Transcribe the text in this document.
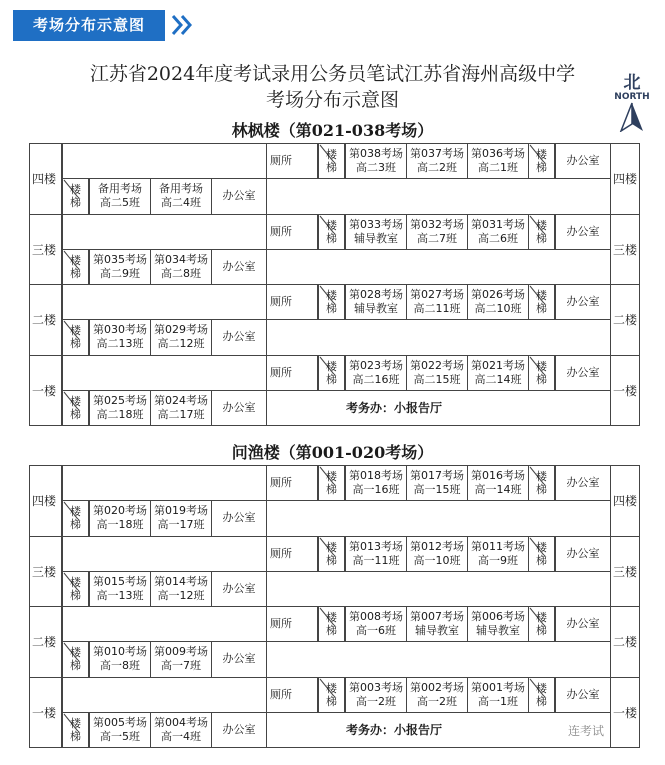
考场分布示意图
江苏省2024年度考试录用公务员笔试江苏省海州高级中学
考场分布示意图
北
NORTH
林枫楼（第021-038考场）
四楼	四楼
厕所	楼
梯
第038考场
高二3班
第037考场
高二2班
第036考场
高二1班
楼
梯
办公室
楼
梯
备用考场
高二5班
备用考场
高二4班
办公室
三楼	三楼
厕所	楼
梯
第033考场
辅导教室
第032考场
高二7班
第031考场
高二6班
楼
梯
办公室
楼
梯
第035考场
高二9班
第034考场
高二8班
办公室
二楼	二楼
厕所	楼
梯
第028考场
辅导教室
第027考场
高二11班
第026考场
高二10班
楼
梯
办公室
楼
梯
第030考场
高二13班
第029考场
高二12班
办公室
一楼	一楼
厕所	楼
梯
第023考场
高二16班
第022考场
高二15班
第021考场
高二14班
楼
梯
办公室
楼
梯
第025考场
高二18班
第024考场
高二17班
办公室	考务办：小报告厅
问渔楼（第001-020考场）
四楼	四楼
厕所	楼
梯
第018考场
高一16班
第017考场
高一15班
第016考场
高一14班
楼
梯
办公室
楼
梯
第020考场
高一18班
第019考场
高一17班
办公室
三楼	三楼
厕所	楼
梯
第013考场
高一11班
第012考场
高一10班
第011考场
高一9班
楼
梯
办公室
楼
梯
第015考场
高一13班
第014考场
高一12班
办公室
二楼	二楼
厕所	楼
梯
第008考场
高一6班
第007考场
辅导教室
第006考场
辅导教室
楼
梯
办公室
楼
梯
第010考场
高一8班
第009考场
高一7班
办公室
一楼	一楼
厕所	楼
梯
第003考场
高一2班
第002考场
高一2班
第001考场
高一1班
楼
梯
办公室
楼
梯
第005考场
高一5班
第004考场
高一4班
办公室	考务办：小报告厅	连考试
